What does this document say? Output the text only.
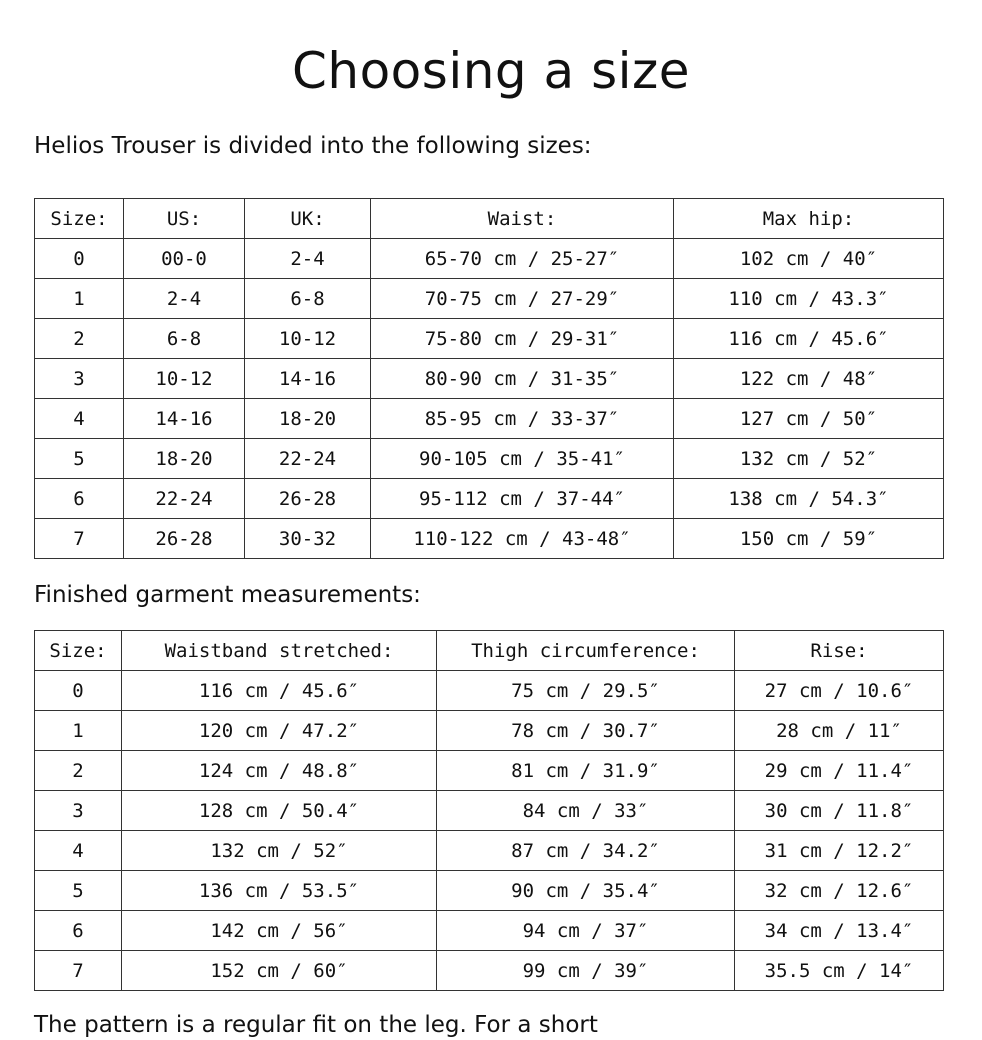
Choosing a size

Helios Trouser is divided into the following sizes:

Size:	US:	UK:	Waist:	Max hip:
0	00-0	2-4	65-70 cm / 25-27″	102 cm / 40″
1	2-4	6-8	70-75 cm / 27-29″	110 cm / 43.3″
2	6-8	10-12	75-80 cm / 29-31″	116 cm / 45.6″
3	10-12	14-16	80-90 cm / 31-35″	122 cm / 48″
4	14-16	18-20	85-95 cm / 33-37″	127 cm / 50″
5	18-20	22-24	90-105 cm / 35-41″	132 cm / 52″
6	22-24	26-28	95-112 cm / 37-44″	138 cm / 54.3″
7	26-28	30-32	110-122 cm / 43-48″	150 cm / 59″

Finished garment measurements:

Size:	Waistband stretched:	Thigh circumference:	Rise:
0	116 cm / 45.6″	75 cm / 29.5″	27 cm / 10.6″
1	120 cm / 47.2″	78 cm / 30.7″	28 cm / 11″
2	124 cm / 48.8″	81 cm / 31.9″	29 cm / 11.4″
3	128 cm / 50.4″	84 cm / 33″	30 cm / 11.8″
4	132 cm / 52″	87 cm / 34.2″	31 cm / 12.2″
5	136 cm / 53.5″	90 cm / 35.4″	32 cm / 12.6″
6	142 cm / 56″	94 cm / 37″	34 cm / 13.4″
7	152 cm / 60″	99 cm / 39″	35.5 cm / 14″

The pattern is a regular fit on the leg. For a short
